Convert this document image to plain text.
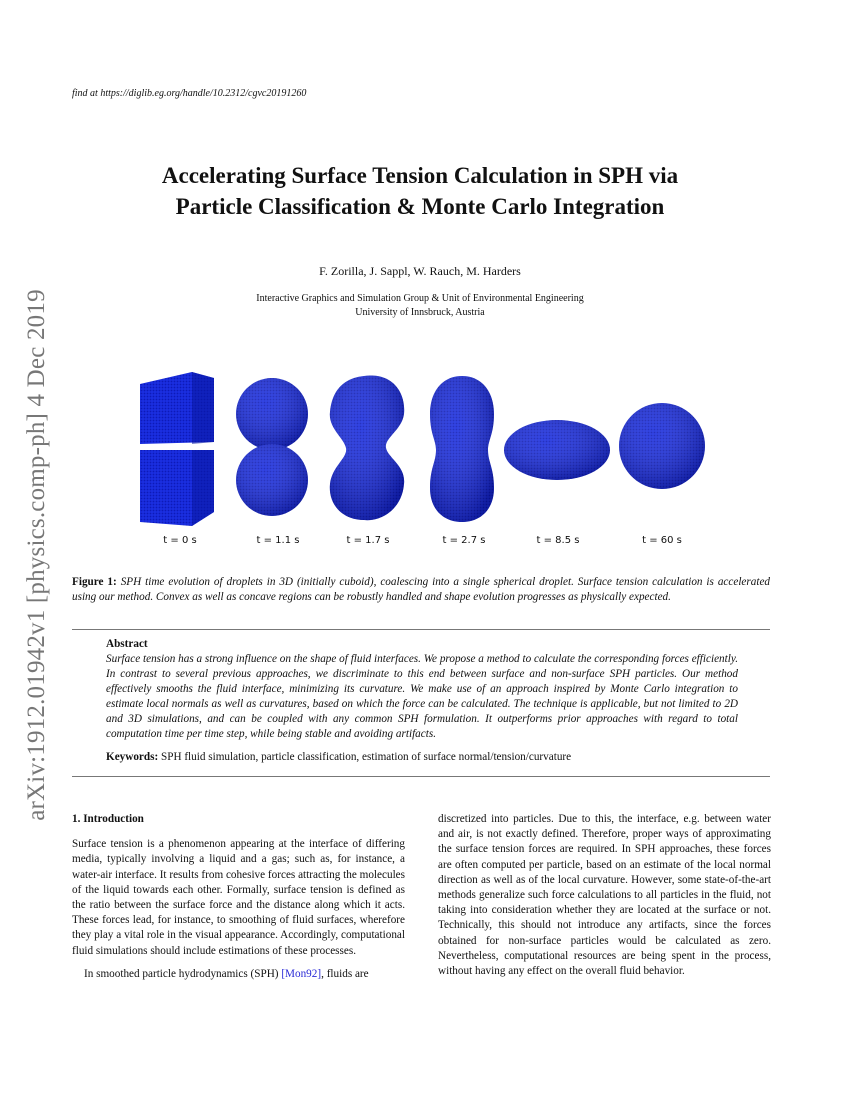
find at https://diglib.eg.org/handle/10.2312/cgvc20191260
arXiv:1912.01942v1 [physics.comp-ph] 4 Dec 2019
Accelerating Surface Tension Calculation in SPH via
Particle Classification & Monte Carlo Integration
F. Zorilla, J. Sappl, W. Rauch, M. Harders
Interactive Graphics and Simulation Group & Unit of Environmental Engineering
University of Innsbruck, Austria
t = 0 s	t = 1.1 s	t = 1.7 s	t = 2.7 s	t = 8.5 s	t = 60 s
Figure 1: SPH time evolution of droplets in 3D (initially cuboid), coalescing into a single spherical droplet. Surface tension calculation is accelerated using our method. Convex as well as concave regions can be robustly handled and shape evolution progresses as physically expected.
Abstract
Surface tension has a strong influence on the shape of fluid interfaces. We propose a method to calculate the corresponding forces efficiently. In contrast to several previous approaches, we discriminate to this end between surface and non-surface SPH particles. Our method effectively smooths the fluid interface, minimizing its curvature. We make use of an approach inspired by Monte Carlo integration to estimate local normals as well as curvatures, based on which the force can be calculated. The technique is applicable, but not limited to 2D and 3D simulations, and can be coupled with any common SPH formulation. It outperforms prior approaches with regard to total computation time per time step, while being stable and avoiding artifacts.
Keywords: SPH fluid simulation, particle classification, estimation of surface normal/tension/curvature
1. Introduction

Surface tension is a phenomenon appearing at the interface of differing media, typically involving a liquid and a gas; such as, for instance, a water-air interface. It results from cohesive forces attracting the molecules of the liquid towards each other. Formally, surface tension is defined as the ratio between the surface force and the distance along which it acts. These forces lead, for instance, to smoothing of fluid surfaces, wherefore they play a vital role in the visual appearance. Accordingly, computational fluid simulations should include estimations of these processes.

In smoothed particle hydrodynamics (SPH) [Mon92], fluids are

discretized into particles. Due to this, the interface, e.g. between water and air, is not exactly defined. Therefore, proper ways of approximating the surface tension forces are required. In SPH approaches, these forces are often computed per particle, based on an estimate of the local normal direction as well as of the local curvature. However, some state-of-the-art methods generalize such force calculations to all particles in the fluid, not taking into consideration whether they are located at the surface or not. Technically, this should not introduce any artifacts, since the forces obtained for non-surface particles would be calculated as zero. Nevertheless, computational resources are being spent in the process, without having any effect on the overall fluid behavior.
